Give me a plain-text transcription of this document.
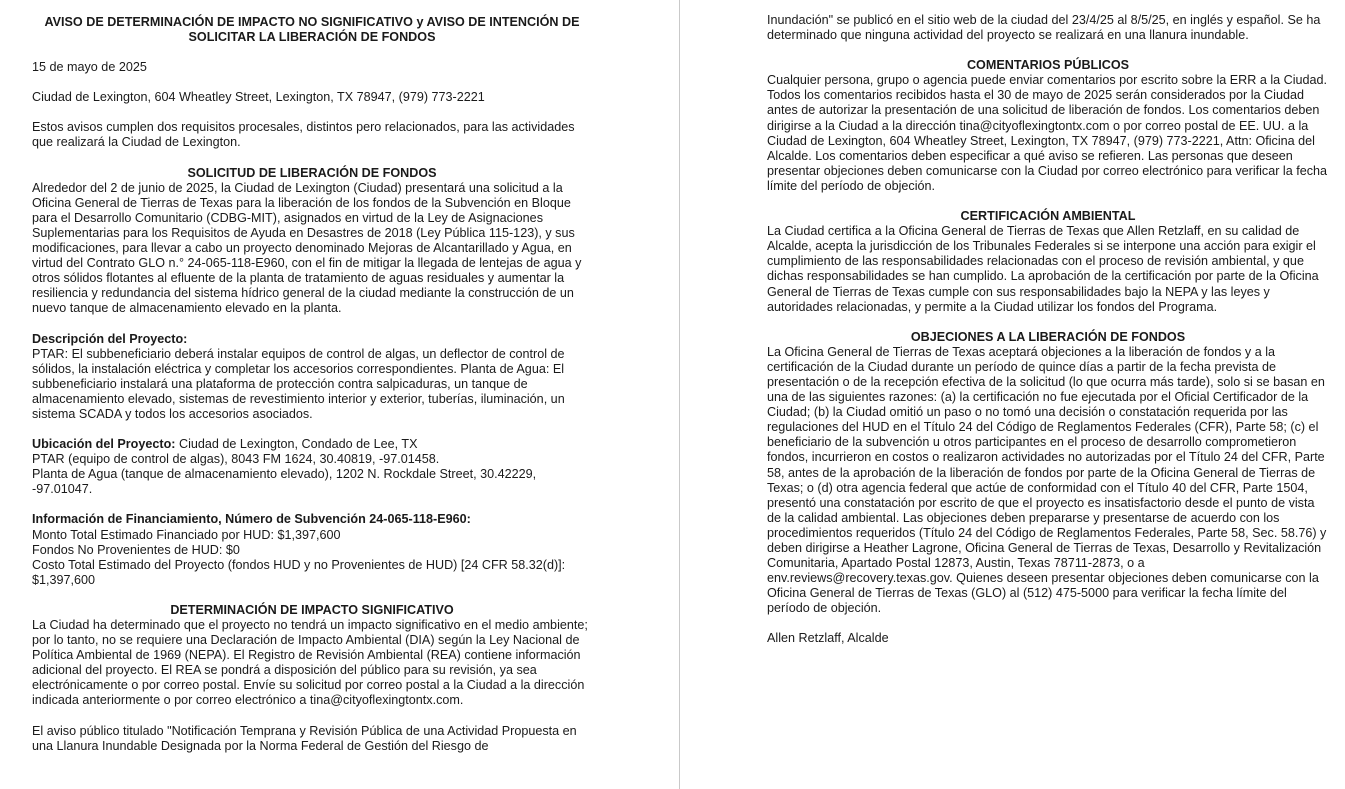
AVISO DE DETERMINACIÓN DE IMPACTO NO SIGNIFICATIVO y AVISO DE INTENCIÓN DE SOLICITAR LA LIBERACIÓN DE FONDOS

15 de mayo de 2025

Ciudad de Lexington, 604 Wheatley Street, Lexington, TX 78947, (979) 773-2221

Estos avisos cumplen dos requisitos procesales, distintos pero relacionados, para las actividades que realizará la Ciudad de Lexington.

SOLICITUD DE LIBERACIÓN DE FONDOS

Alrededor del 2 de junio de 2025, la Ciudad de Lexington (Ciudad) presentará una solicitud a la Oficina General de Tierras de Texas para la liberación de los fondos de la Subvención en Bloque para el Desarrollo Comunitario (CDBG-MIT), asignados en virtud de la Ley de Asignaciones Suplementarias para los Requisitos de Ayuda en Desastres de 2018 (Ley Pública 115-123), y sus modificaciones, para llevar a cabo un proyecto denominado Mejoras de Alcantarillado y Agua, en virtud del Contrato GLO n.° 24-065-118-E960, con el fin de mitigar la llegada de lentejas de agua y otros sólidos flotantes al efluente de la planta de tratamiento de aguas residuales y aumentar la resiliencia y redundancia del sistema hídrico general de la ciudad mediante la construcción de un nuevo tanque de almacenamiento elevado en la planta.

Descripción del Proyecto:

PTAR: El subbeneficiario deberá instalar equipos de control de algas, un deflector de control de sólidos, la instalación eléctrica y completar los accesorios correspondientes. Planta de Agua: El subbeneficiario instalará una plataforma de protección contra salpicaduras, un tanque de almacenamiento elevado, sistemas de revestimiento interior y exterior, tuberías, iluminación, un sistema SCADA y todos los accesorios asociados.

Ubicación del Proyecto: Ciudad de Lexington, Condado de Lee, TX

PTAR (equipo de control de algas), 8043 FM 1624, 30.40819, -97.01458.

Planta de Agua (tanque de almacenamiento elevado), 1202 N. Rockdale Street, 30.42229, -97.01047.

Información de Financiamiento, Número de Subvención 24-065-118-E960:

Monto Total Estimado Financiado por HUD: $1,397,600

Fondos No Provenientes de HUD: $0

Costo Total Estimado del Proyecto (fondos HUD y no Provenientes de HUD) [24 CFR 58.32(d)]: $1,397,600

DETERMINACIÓN DE IMPACTO SIGNIFICATIVO

La Ciudad ha determinado que el proyecto no tendrá un impacto significativo en el medio ambiente; por lo tanto, no se requiere una Declaración de Impacto Ambiental (DIA) según la Ley Nacional de Política Ambiental de 1969 (NEPA). El Registro de Revisión Ambiental (REA) contiene información adicional del proyecto. El REA se pondrá a disposición del público para su revisión, ya sea electrónicamente o por correo postal. Envíe su solicitud por correo postal a la Ciudad a la dirección indicada anteriormente o por correo electrónico a tina@cityoflexingtontx.com.

El aviso público titulado "Notificación Temprana y Revisión Pública de una Actividad Propuesta en una Llanura Inundable Designada por la Norma Federal de Gestión del Riesgo de

Inundación" se publicó en el sitio web de la ciudad del 23/4/25 al 8/5/25, en inglés y español. Se ha determinado que ninguna actividad del proyecto se realizará en una llanura inundable.

COMENTARIOS PÚBLICOS

Cualquier persona, grupo o agencia puede enviar comentarios por escrito sobre la ERR a la Ciudad. Todos los comentarios recibidos hasta el 30 de mayo de 2025 serán considerados por la Ciudad antes de autorizar la presentación de una solicitud de liberación de fondos. Los comentarios deben dirigirse a la Ciudad a la dirección tina@cityoflexingtontx.com o por correo postal de EE. UU. a la Ciudad de Lexington, 604 Wheatley Street, Lexington, TX 78947, (979) 773-2221, Attn: Oficina del Alcalde. Los comentarios deben especificar a qué aviso se refieren. Las personas que deseen presentar objeciones deben comunicarse con la Ciudad por correo electrónico para verificar la fecha límite del período de objeción.

CERTIFICACIÓN AMBIENTAL

La Ciudad certifica a la Oficina General de Tierras de Texas que Allen Retzlaff, en su calidad de Alcalde, acepta la jurisdicción de los Tribunales Federales si se interpone una acción para exigir el cumplimiento de las responsabilidades relacionadas con el proceso de revisión ambiental, y que dichas responsabilidades se han cumplido. La aprobación de la certificación por parte de la Oficina General de Tierras de Texas cumple con sus responsabilidades bajo la NEPA y las leyes y autoridades relacionadas, y permite a la Ciudad utilizar los fondos del Programa.

OBJECIONES A LA LIBERACIÓN DE FONDOS

La Oficina General de Tierras de Texas aceptará objeciones a la liberación de fondos y a la certificación de la Ciudad durante un período de quince días a partir de la fecha prevista de presentación o de la recepción efectiva de la solicitud (lo que ocurra más tarde), solo si se basan en una de las siguientes razones: (a) la certificación no fue ejecutada por el Oficial Certificador de la Ciudad; (b) la Ciudad omitió un paso o no tomó una decisión o constatación requerida por las regulaciones del HUD en el Título 24 del Código de Reglamentos Federales (CFR), Parte 58; (c) el beneficiario de la subvención u otros participantes en el proceso de desarrollo comprometieron fondos, incurrieron en costos o realizaron actividades no autorizadas por el Título 24 del CFR, Parte 58, antes de la aprobación de la liberación de fondos por parte de la Oficina General de Tierras de Texas; o (d) otra agencia federal que actúe de conformidad con el Título 40 del CFR, Parte 1504, presentó una constatación por escrito de que el proyecto es insatisfactorio desde el punto de vista de la calidad ambiental. Las objeciones deben prepararse y presentarse de acuerdo con los procedimientos requeridos (Título 24 del Código de Reglamentos Federales, Parte 58, Sec. 58.76) y deben dirigirse a Heather Lagrone, Oficina General de Tierras de Texas, Desarrollo y Revitalización Comunitaria, Apartado Postal 12873, Austin, Texas 78711-2873, o a env.reviews@recovery.texas.gov. Quienes deseen presentar objeciones deben comunicarse con la Oficina General de Tierras de Texas (GLO) al (512) 475-5000 para verificar la fecha límite del período de objeción.

Allen Retzlaff, Alcalde
